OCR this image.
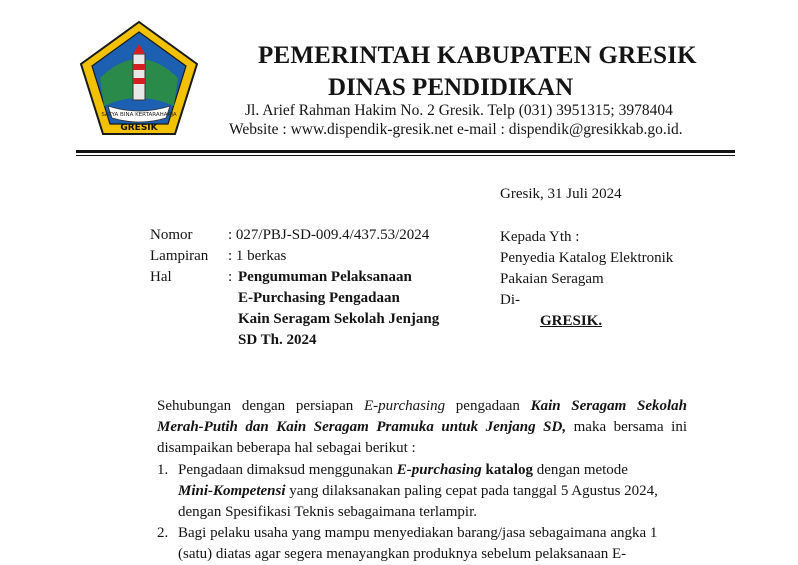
SATYA BINA KERTARAHARJA
GRESIK
PEMERINTAH KABUPATEN GRESIK
DINAS PENDIDIKAN
Jl. Arief Rahman Hakim No. 2 Gresik. Telp (031) 3951315; 3978404
Website : www.dispendik-gresik.net e-mail : dispendik@gresikkab.go.id.
Gresik, 31 Juli 2024
Nomor : 027/PBJ-SD-009.4/437.53/2024
Lampiran : 1 berkas
Hal	: Pengumuman Pelaksanaan
E-Purchasing Pengadaan
Kain Seragam Sekolah Jenjang
SD Th. 2024
Kepada Yth :
Penyedia Katalog Elektronik
Pakaian Seragam
Di-
GRESIK.
Sehubungan dengan persiapan E-purchasing pengadaan Kain Seragam Sekolah Merah-Putih dan Kain Seragam Pramuka untuk Jenjang SD, maka bersama ini disampaikan beberapa hal sebagai berikut :
1. Pengadaan dimaksud menggunakan E-purchasing katalog dengan metode
Mini-Kompetensi yang dilaksanakan paling cepat pada tanggal 5 Agustus 2024,
dengan Spesifikasi Teknis sebagaimana terlampir.
2. Bagi pelaku usaha yang mampu menyediakan barang/jasa sebagaimana angka 1
(satu) diatas agar segera menayangkan produknya sebelum pelaksanaan E-
